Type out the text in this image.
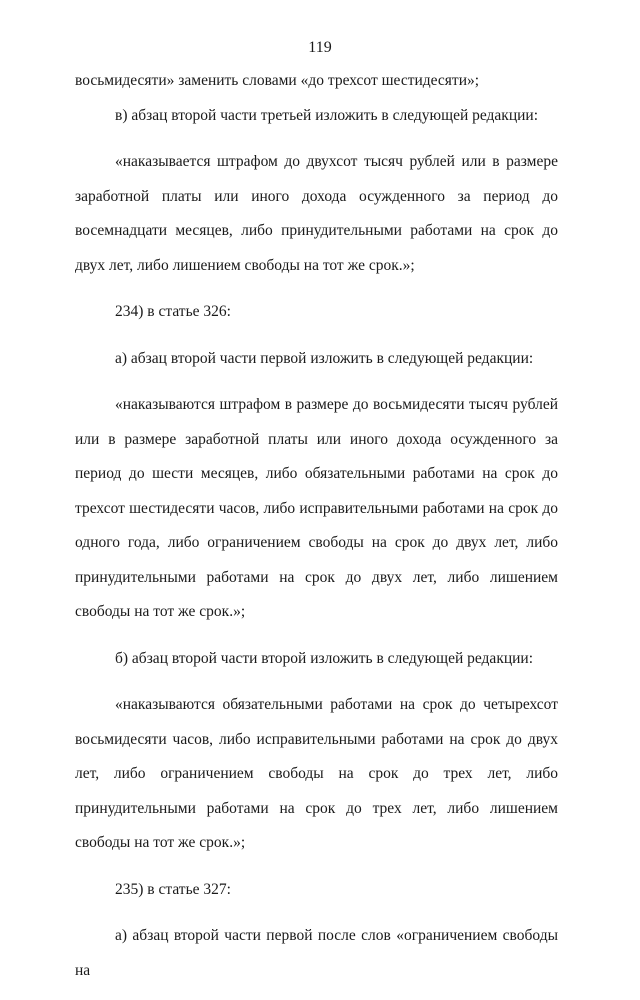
119

восьмидесяти» заменить словами «до трехсот шестидесяти»;

в) абзац второй части третьей изложить в следующей редакции:

«наказывается штрафом до двухсот тысяч рублей или в размере заработной платы или иного дохода осужденного за период до восемнадцати месяцев, либо принудительными работами на срок до двух лет, либо лишением свободы на тот же срок.»;

234) в статье 326:

а) абзац второй части первой изложить в следующей редакции:

«наказываются штрафом в размере до восьмидесяти тысяч рублей или в размере заработной платы или иного дохода осужденного за период до шести месяцев, либо обязательными работами на срок до трехсот шестидесяти часов, либо исправительными работами на срок до одного года, либо ограничением свободы на срок до двух лет, либо принудительными работами на срок до двух лет, либо лишением свободы на тот же срок.»;

б) абзац второй части второй изложить в следующей редакции:

«наказываются обязательными работами на срок до четырехсот восьмидесяти часов, либо исправительными работами на срок до двух лет, либо ограничением свободы на срок до трех лет, либо принудительными работами на срок до трех лет, либо лишением свободы на тот же срок.»;

235) в статье 327:

а) абзац второй части первой после слов «ограничением свободы на
